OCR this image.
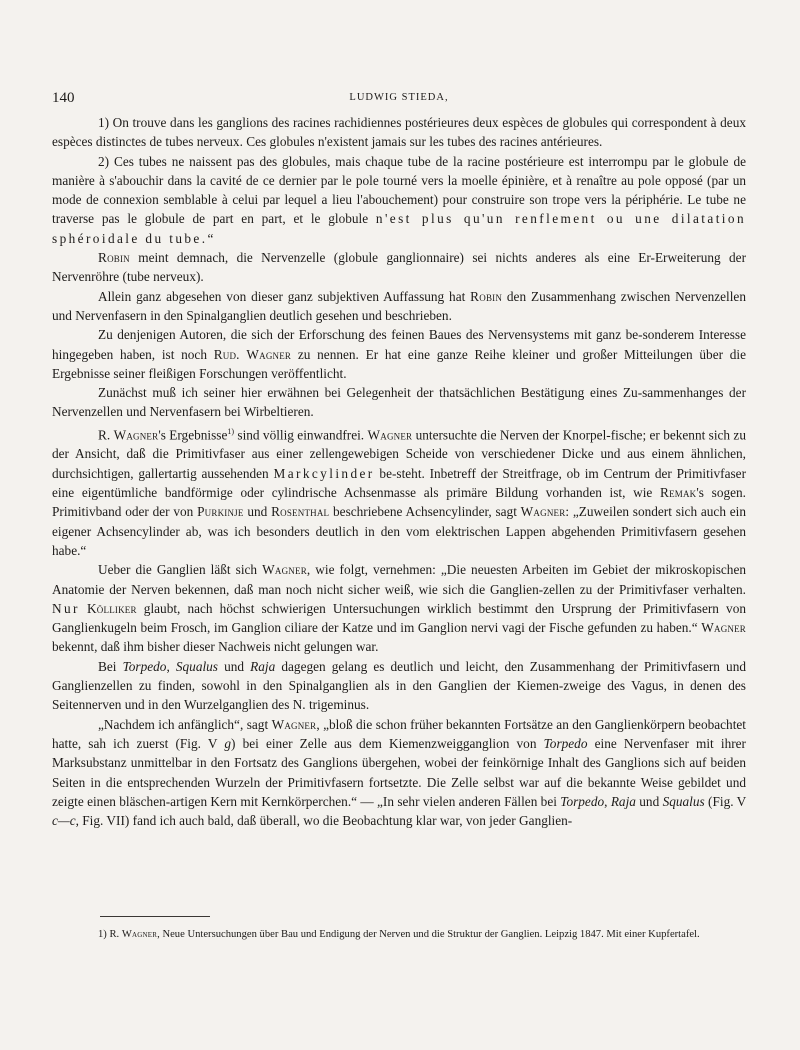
140	LUDWIG STIEDA,

1) On trouve dans les ganglions des racines rachidiennes postérieures deux espèces de globules qui correspondent à deux espèces distinctes de tubes nerveux. Ces globules n'existent jamais sur les tubes des racines antérieures.

2) Ces tubes ne naissent pas des globules, mais chaque tube de la racine postérieure est interrompu par le globule de manière à s'abouchir dans la cavité de ce dernier par le pole tourné vers la moelle épinière, et à renaître au pole opposé (par un mode de connexion semblable à celui par lequel a lieu l'abouchement) pour construire son trope vers la périphérie. Le tube ne traverse pas le globule de part en part, et le globule n'est plus qu'un renflement ou une dilatation sphéroidale du tube.“

Robin meint demnach, die Nervenzelle (globule ganglionnaire) sei nichts anderes als eine Er-Erweiterung der Nervenröhre (tube nerveux).

Allein ganz abgesehen von dieser ganz subjektiven Auffassung hat Robin den Zusammenhang zwischen Nervenzellen und Nervenfasern in den Spinalganglien deutlich gesehen und beschrieben.

Zu denjenigen Autoren, die sich der Erforschung des feinen Baues des Nervensystems mit ganz be-sonderem Interesse hingegeben haben, ist noch Rud. Wagner zu nennen. Er hat eine ganze Reihe kleiner und großer Mitteilungen über die Ergebnisse seiner fleißigen Forschungen veröffentlicht.

Zunächst muß ich seiner hier erwähnen bei Gelegenheit der thatsächlichen Bestätigung eines Zu-sammenhanges der Nervenzellen und Nervenfasern bei Wirbeltieren.

R. Wagner's Ergebnisse$^{1)}$ sind völlig einwandfrei. Wagner untersuchte die Nerven der Knorpel-fische; er bekennt sich zu der Ansicht, daß die Primitivfaser aus einer zellengewebigen Scheide von verschiedener Dicke und aus einem ähnlichen, durchsichtigen, gallertartig aussehenden Markcylinder be-steht. Inbetreff der Streitfrage, ob im Centrum der Primitivfaser eine eigentümliche bandförmige oder cylindrische Achsenmasse als primäre Bildung vorhanden ist, wie Remak's sogen. Primitivband oder der von Purkinje und Rosenthal beschriebene Achsencylinder, sagt Wagner: „Zuweilen sondert sich auch ein eigener Achsencylinder ab, was ich besonders deutlich in den vom elektrischen Lappen abgehenden Primitivfasern gesehen habe.“

Ueber die Ganglien läßt sich Wagner, wie folgt, vernehmen: „Die neuesten Arbeiten im Gebiet der mikroskopischen Anatomie der Nerven bekennen, daß man noch nicht sicher weiß, wie sich die Ganglien-zellen zu der Primitivfaser verhalten. Nur Kölliker glaubt, nach höchst schwierigen Untersuchungen wirklich bestimmt den Ursprung der Primitivfasern von Ganglienkugeln beim Frosch, im Ganglion ciliare der Katze und im Ganglion nervi vagi der Fische gefunden zu haben.“ Wagner bekennt, daß ihm bisher dieser Nachweis nicht gelungen war.

Bei Torpedo, Squalus und Raja dagegen gelang es deutlich und leicht, den Zusammenhang der Primitivfasern und Ganglienzellen zu finden, sowohl in den Spinalganglien als in den Ganglien der Kiemen-zweige des Vagus, in denen des Seitennerven und in den Wurzelganglien des N. trigeminus.

„Nachdem ich anfänglich“, sagt Wagner, „bloß die schon früher bekannten Fortsätze an den Ganglienkörpern beobachtet hatte, sah ich zuerst (Fig. V g) bei einer Zelle aus dem Kiemenzweigganglion von Torpedo eine Nervenfaser mit ihrer Marksubstanz unmittelbar in den Fortsatz des Ganglions übergehen, wobei der feinkörnige Inhalt des Ganglions sich auf beiden Seiten in die entsprechenden Wurzeln der Primitivfasern fortsetzte. Die Zelle selbst war auf die bekannte Weise gebildet und zeigte einen bläschen-artigen Kern mit Kernkörperchen.“ — „In sehr vielen anderen Fällen bei Torpedo, Raja und Squalus (Fig. V c—c, Fig. VII) fand ich auch bald, daß überall, wo die Beobachtung klar war, von jeder Ganglien-

1) R. Wagner, Neue Untersuchungen über Bau und Endigung der Nerven und die Struktur der Ganglien. Leipzig 1847. Mit einer Kupfertafel.
